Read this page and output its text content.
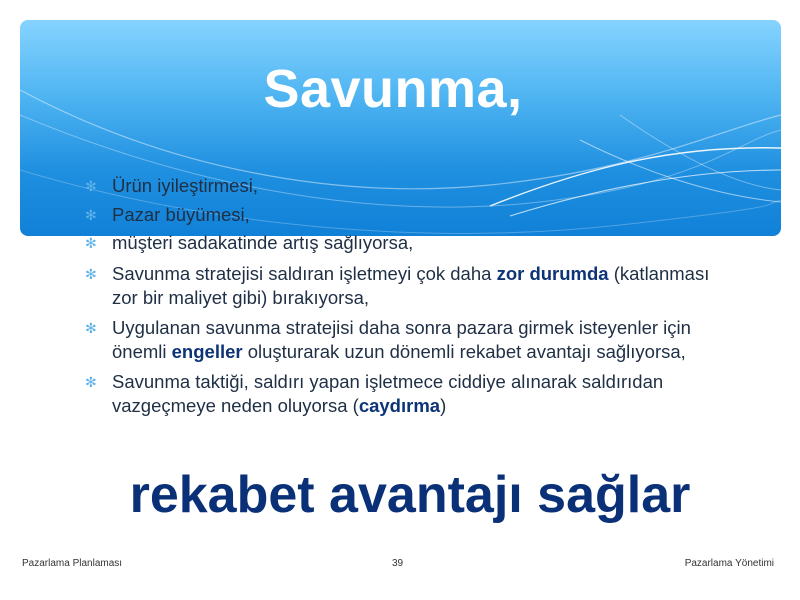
Savunma,
✻ Ürün iyileştirmesi,
✻ Pazar büyümesi,
✻ müşteri sadakatinde artış sağlıyorsa,
✻ Savunma stratejisi saldıran işletmeyi çok daha zor durumda (katlanması zor bir maliyet gibi) bırakıyorsa,
✻ Uygulanan savunma stratejisi daha sonra pazara girmek isteyenler için önemli engeller oluşturarak uzun dönemli rekabet avantajı sağlıyorsa,
✻ Savunma taktiği, saldırı yapan işletmece ciddiye alınarak saldırıdan vazgeçmeye neden oluyorsa (caydırma)

rekabet avantajı sağlar

Pazarlama Planlaması	39	Pazarlama Yönetimi
